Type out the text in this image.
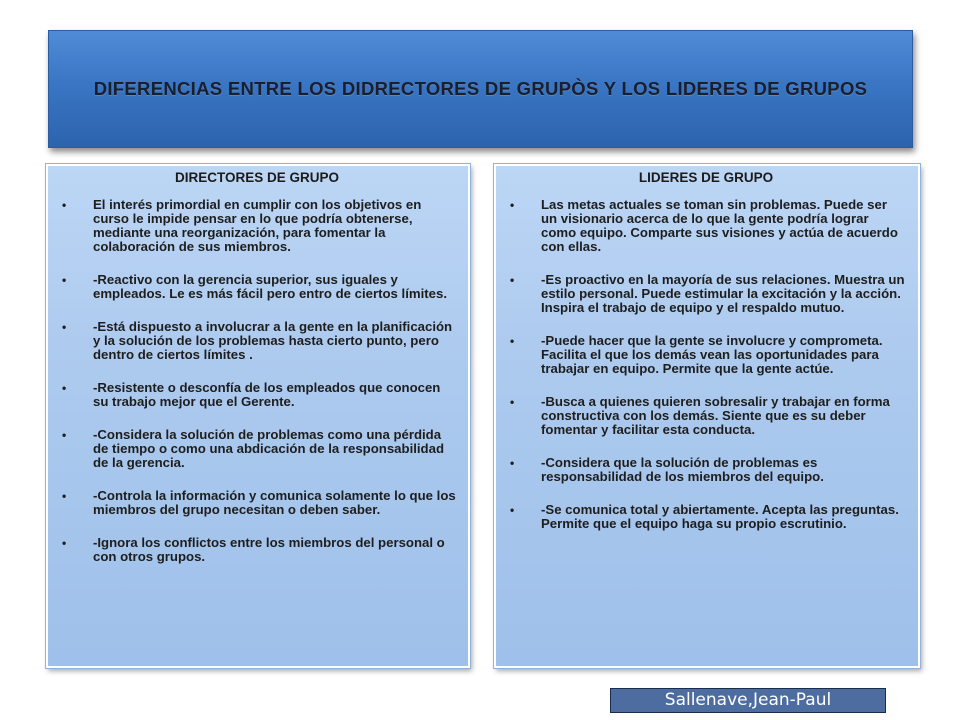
DIFERENCIAS ENTRE LOS DIDRECTORES DE GRUPÒS Y LOS LIDERES DE GRUPOS
DIRECTORES DE GRUPO
• El interés primordial en cumplir con los objetivos en curso le impide pensar en lo que podría obtenerse, mediante una reorganización, para fomentar la colaboración de sus miembros.
• -Reactivo con la gerencia superior, sus iguales y empleados. Le es más fácil pero entro de ciertos límites.
• -Está dispuesto a involucrar a la gente en la planificación y la solución de los problemas hasta cierto punto, pero dentro de ciertos límites .
• -Resistente o desconfía de los empleados que conocen su trabajo mejor que el Gerente.
• -Considera la solución de problemas como una pérdida de tiempo o como una abdicación de la responsabilidad de la gerencia.
• -Controla la información y comunica solamente lo que los miembros del grupo necesitan o deben saber.
• -Ignora los conflictos entre los miembros del personal o con otros grupos.
LIDERES DE GRUPO
• Las metas actuales se toman sin problemas. Puede ser un visionario acerca de lo que la gente podría lograr como equipo. Comparte sus visiones y actúa de acuerdo con ellas.
• -Es proactivo en la mayoría de sus relaciones. Muestra un estilo personal. Puede estimular la excitación y la acción. Inspira el trabajo de equipo y el respaldo mutuo.
• -Puede hacer que la gente se involucre y comprometa. Facilita el que los demás vean las oportunidades para trabajar en equipo. Permite que la gente actúe.
• -Busca a quienes quieren sobresalir y trabajar en forma constructiva con los demás. Siente que es su deber fomentar y facilitar esta conducta.
• -Considera que la solución de problemas es responsabilidad de los miembros del equipo.
• -Se comunica total y abiertamente. Acepta las preguntas. Permite que el equipo haga su propio escrutinio.
Sallenave,Jean-Paul
